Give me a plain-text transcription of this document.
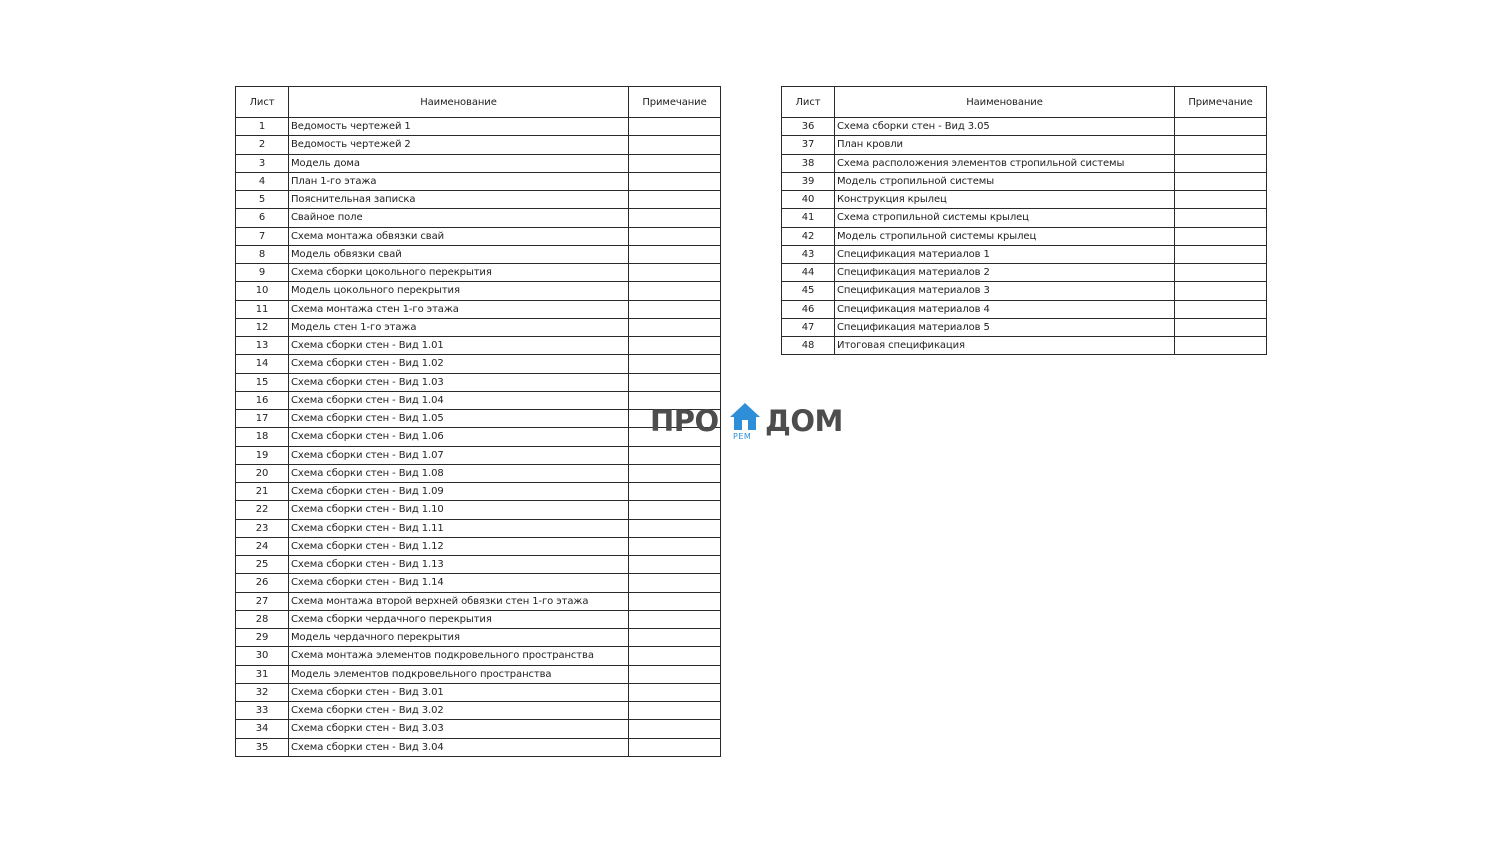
Лист	Наименование	Примечание
1	Ведомость чертежей 1	
2	Ведомость чертежей 2	
3	Модель дома	
4	План 1-го этажа	
5	Пояснительная записка	
6	Свайное поле	
7	Схема монтажа обвязки свай	
8	Модель обвязки свай	
9	Схема сборки цокольного перекрытия	
10	Модель цокольного перекрытия	
11	Схема монтажа стен 1-го этажа	
12	Модель стен 1-го этажа	
13	Схема сборки стен - Вид 1.01	
14	Схема сборки стен - Вид 1.02	
15	Схема сборки стен - Вид 1.03	
16	Схема сборки стен - Вид 1.04	
17	Схема сборки стен - Вид 1.05	
18	Схема сборки стен - Вид 1.06	
19	Схема сборки стен - Вид 1.07	
20	Схема сборки стен - Вид 1.08	
21	Схема сборки стен - Вид 1.09	
22	Схема сборки стен - Вид 1.10	
23	Схема сборки стен - Вид 1.11	
24	Схема сборки стен - Вид 1.12	
25	Схема сборки стен - Вид 1.13	
26	Схема сборки стен - Вид 1.14	
27	Схема монтажа второй верхней обвязки стен 1-го этажа	
28	Схема сборки чердачного перекрытия	
29	Модель чердачного перекрытия	
30	Схема монтажа элементов подкровельного пространства	
31	Модель элементов подкровельного пространства	
32	Схема сборки стен - Вид 3.01	
33	Схема сборки стен - Вид 3.02	
34	Схема сборки стен - Вид 3.03	
35	Схема сборки стен - Вид 3.04	
Лист	Наименование	Примечание
36	Схема сборки стен - Вид 3.05	
37	План кровли	
38	Схема расположения элементов стропильной системы	
39	Модель стропильной системы	
40	Конструкция крылец	
41	Схема стропильной системы крылец	
42	Модель стропильной системы крылец	
43	Спецификация материалов 1	
44	Спецификация материалов 2	
45	Спецификация материалов 3	
46	Спецификация материалов 4	
47	Спецификация материалов 5	
48	Итоговая спецификация	
ПРО РЕМ ДОМ
